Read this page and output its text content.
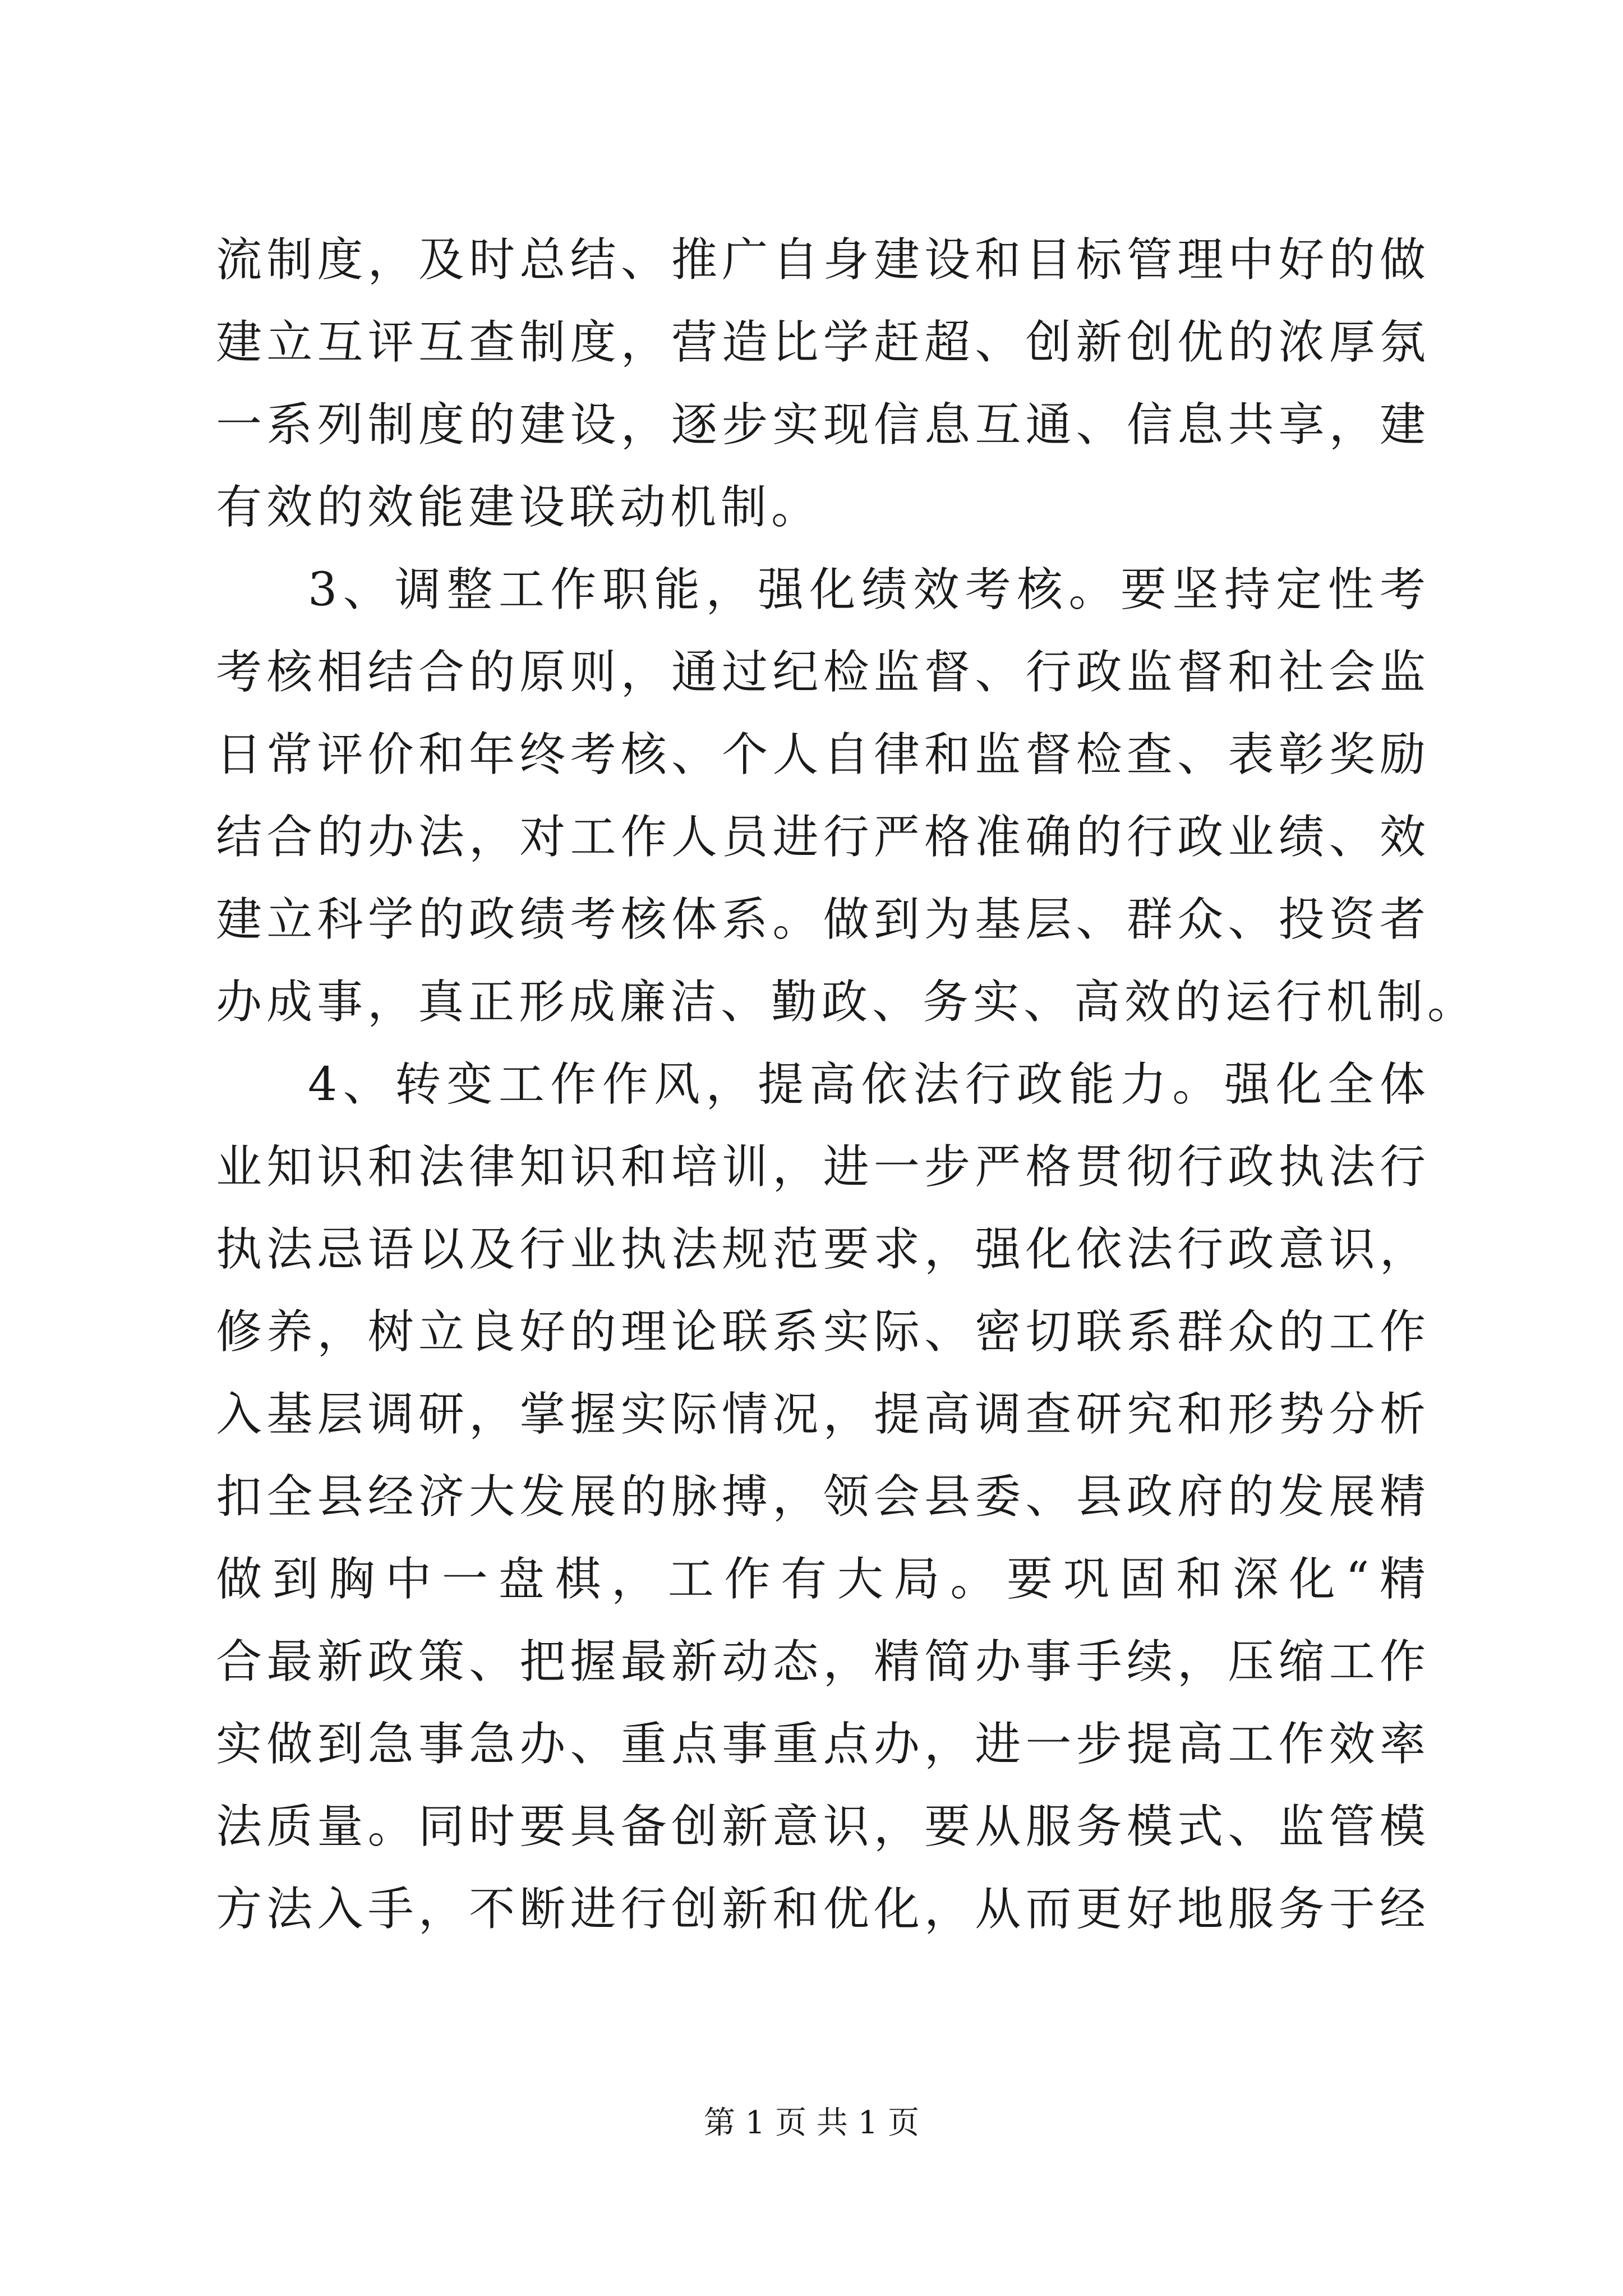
流制度，及时总结、推广自身建设和目标管理中好的做
建立互评互查制度，营造比学赶超、创新创优的浓厚氛
一系列制度的建设，逐步实现信息互通、信息共享，建
有效的效能建设联动机制。
3、调整工作职能，强化绩效考核。要坚持定性考
考核相结合的原则，通过纪检监督、行政监督和社会监
日常评价和年终考核、个人自律和监督检查、表彰奖励
结合的办法，对工作人员进行严格准确的行政业绩、效
建立科学的政绩考核体系。做到为基层、群众、投资者
办成事，真正形成廉洁、勤政、务实、高效的运行机制。
4、转变工作作风，提高依法行政能力。强化全体
业知识和法律知识和培训，进一步严格贯彻行政执法行
执法忌语以及行业执法规范要求，强化依法行政意识，
修养，树立良好的理论联系实际、密切联系群众的工作
入基层调研，掌握实际情况，提高调查研究和形势分析
扣全县经济大发展的脉搏，领会县委、县政府的发展精
做到胸中一盘棋，工作有大局。要巩固和深化“精
合最新政策、把握最新动态，精简办事手续，压缩工作
实做到急事急办、重点事重点办，进一步提高工作效率
法质量。同时要具备创新意识，要从服务模式、监管模
方法入手，不断进行创新和优化，从而更好地服务于经
第 1 页 共 1 页
